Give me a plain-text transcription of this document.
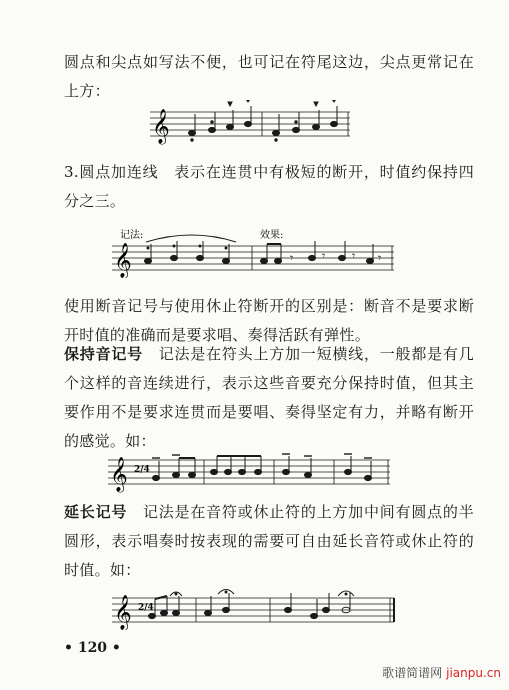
圆点和尖点如写法不便，也可记在符尾这边，尖点更常记在上方：

𝄞

3.圆点加连线　表示在连贯中有极短的断开，时值约保持四分之三。

记法:	效果:
𝄞	𝄾 𝄾 𝄾 𝄾

使用断音记号与使用休止符断开的区别是：断音不是要求断开时值的准确而是要求唱、奏得活跃有弹性。

保持音记号　记法是在符头上方加一短横线，一般都是有几个这样的音连续进行，表示这些音要充分保持时值，但其主要作用不是要求连贯而是要唱、奏得坚定有力，并略有断开的感觉。如：

𝄞 2/4

延长记号　记法是在音符或休止符的上方加中间有圆点的半圆形，表示唱奏时按表现的需要可自由延长音符或休止符的时值。如：

𝄞 2/4
• 120 •
歌谱简谱网 jianpu.cn
